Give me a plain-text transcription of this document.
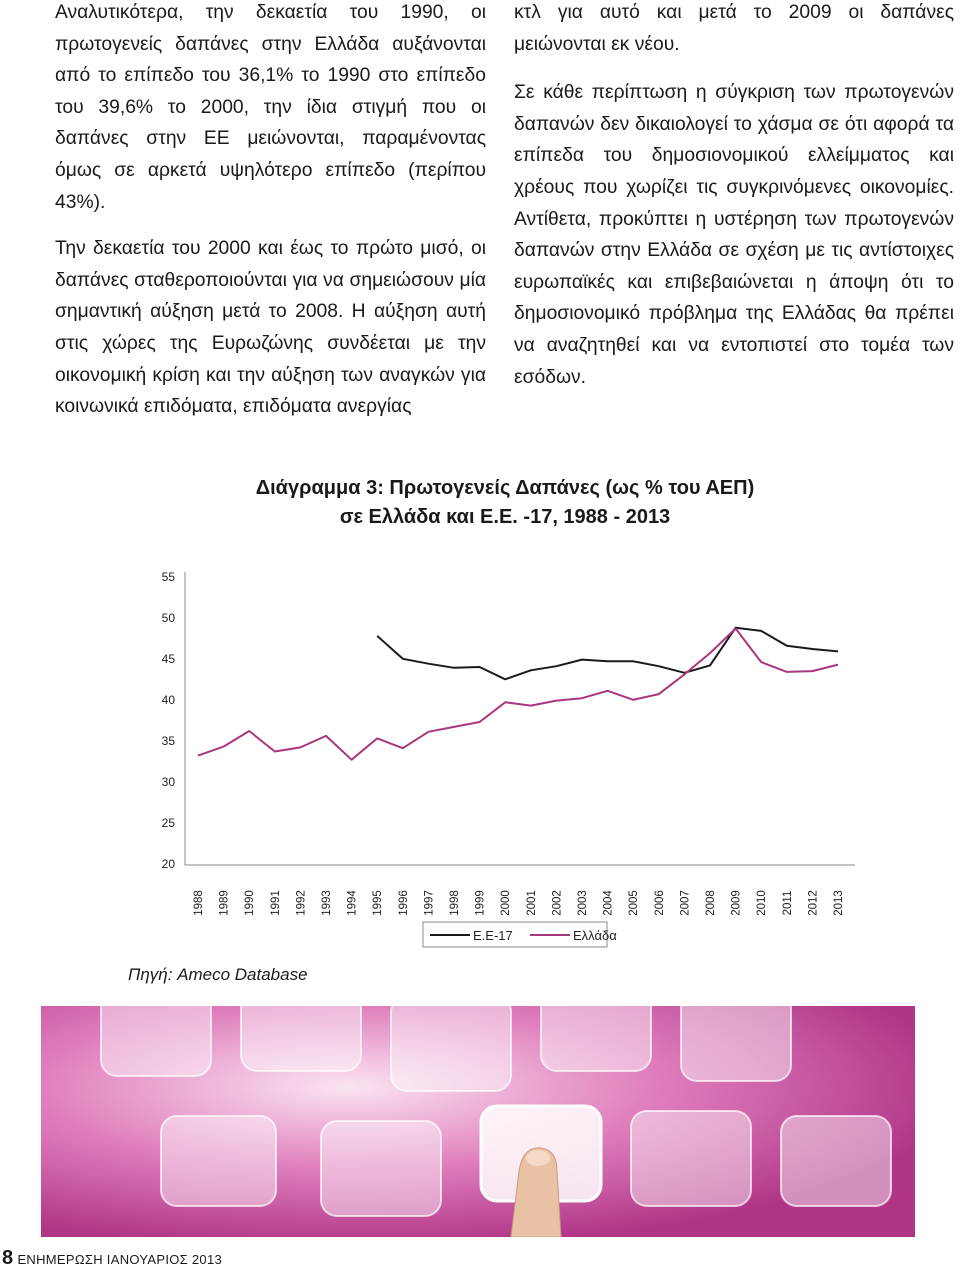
Αναλυτικότερα, την δεκαετία του 1990, οι πρωτογενείς δαπάνες στην Ελλάδα αυξάνονται από το επίπεδο του 36,1% το 1990 στο επίπεδο του 39,6% το 2000, την ίδια στιγμή που οι δαπάνες στην ΕΕ μειώνονται, παραμένοντας όμως σε αρκετά υψηλότερο επίπεδο (περίπου 43%).

Την δεκαετία του 2000 και έως το πρώτο μισό, οι δαπάνες σταθεροποιούνται για να σημειώσουν μία σημαντική αύξηση μετά το 2008. Η αύξηση αυτή στις χώρες της Ευρωζώνης συνδέεται με την οικονομική κρίση και την αύξηση των αναγκών για κοινωνικά επιδόματα, επιδόματα ανεργίας

κτλ για αυτό και μετά το 2009 οι δαπάνες μειώνονται εκ νέου.

Σε κάθε περίπτωση η σύγκριση των πρωτογενών δαπανών δεν δικαιολογεί το χάσμα σε ότι αφορά τα επίπεδα του δημοσιονομικού ελλείμματος και χρέους που χωρίζει τις συγκρινόμενες οικονομίες. Αντίθετα, προκύπτει η υστέρηση των πρωτογενών δαπανών στην Ελλάδα σε σχέση με τις αντίστοιχες ευρωπαϊκές και επιβεβαιώνεται η άποψη ότι το δημοσιονομικό πρόβλημα της Ελλάδας θα πρέπει να αναζητηθεί και να εντοπιστεί στο τομέα των εσόδων.

Διάγραμμα 3: Πρωτογενείς Δαπάνες (ως % του ΑΕΠ)
σε Ελλάδα και Ε.Ε. -17, 1988 - 2013
20
25
30
35
40
45
50
55
1988 1989 1990 1991 1992 1993 1994 1995 1996 1997 1998 1999 2000 2001 2002 2003 2004 2005 2006 2007 2008 2009 2010 2011 2012 2013
Ε.Ε-17	Ελλάδα
Πηγή: Ameco Database
8 ΕΝΗΜΕΡΩΣΗ ΙΑΝΟΥΑΡΙΟΣ 2013
